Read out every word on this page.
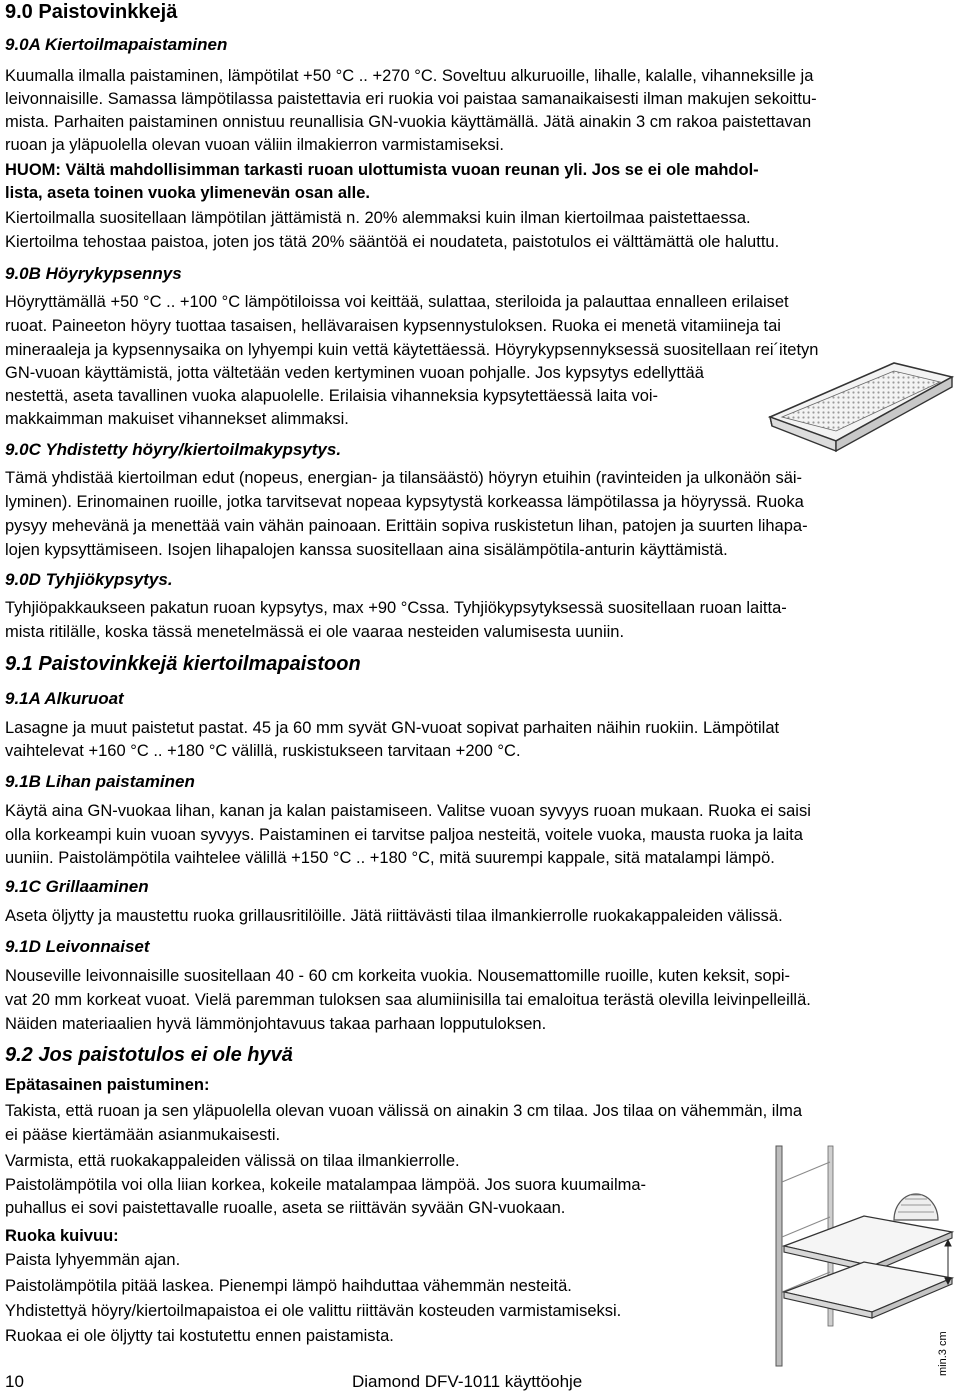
9.0 Paistovinkkejä
9.0A Kiertoilmapaistaminen
Kuumalla ilmalla paistaminen, lämpötilat +50 °C .. +270 °C. Soveltuu alkuruoille, lihalle, kalalle, vihanneksille ja
leivonnaisille. Samassa lämpötilassa paistettavia eri ruokia voi paistaa samanaikaisesti ilman makujen sekoittu-
mista. Parhaiten paistaminen onnistuu reunallisia GN-vuokia käyttämällä. Jätä ainakin 3 cm rakoa paistettavan
ruoan ja yläpuolella olevan vuoan väliin ilmakierron varmistamiseksi.
HUOM: Vältä mahdollisimman tarkasti ruoan ulottumista vuoan reunan yli. Jos se ei ole mahdol-
lista, aseta toinen vuoka ylimenevän osan alle.
Kiertoilmalla suositellaan lämpötilan jättämistä n. 20% alemmaksi kuin ilman kiertoilmaa paistettaessa.
Kiertoilma tehostaa paistoa, joten jos tätä 20% sääntöä ei noudateta, paistotulos ei välttämättä ole haluttu.
9.0B Höyrykypsennys
Höyryttämällä +50 °C .. +100 °C lämpötiloissa voi keittää, sulattaa, steriloida ja palauttaa ennalleen erilaiset
ruoat. Paineeton höyry tuottaa tasaisen, hellävaraisen kypsennystuloksen. Ruoka ei menetä vitamiineja tai
mineraaleja ja kypsennysaika on lyhyempi kuin vettä käytettäessä. Höyrykypsennyksessä suositellaan rei´itetyn
GN-vuoan käyttämistä, jotta vältetään veden kertyminen vuoan pohjalle. Jos kypsytys edellyttää
nestettä, aseta tavallinen vuoka alapuolelle. Erilaisia vihanneksia kypsytettäessä laita voi-
makkaimman makuiset vihannekset alimmaksi.
9.0C Yhdistetty höyry/kiertoilmakypsytys.
Tämä yhdistää kiertoilman edut (nopeus, energian- ja tilansäästö) höyryn etuihin (ravinteiden ja ulkonäön säi-
lyminen). Erinomainen ruoille, jotka tarvitsevat nopeaa kypsytystä korkeassa lämpötilassa ja höyryssä. Ruoka
pysyy mehevänä ja menettää vain vähän painoaan. Erittäin sopiva ruskistetun lihan, patojen ja suurten lihapa-
lojen kypsyttämiseen. Isojen lihapalojen kanssa suositellaan aina sisälämpötila-anturin käyttämistä.
9.0D Tyhjiökypsytys.
Tyhjiöpakkaukseen pakatun ruoan kypsytys, max +90 °Cssa. Tyhjiökypsytyksessä suositellaan ruoan laitta-
mista ritilälle, koska tässä menetelmässä ei ole vaaraa nesteiden valumisesta uuniin.
9.1 Paistovinkkejä kiertoilmapaistoon
9.1A Alkuruoat
Lasagne ja muut paistetut pastat. 45 ja 60 mm syvät GN-vuoat sopivat parhaiten näihin ruokiin. Lämpötilat
vaihtelevat +160 °C .. +180 °C välillä, ruskistukseen tarvitaan +200 °C.
9.1B Lihan paistaminen
Käytä aina GN-vuokaa lihan, kanan ja kalan paistamiseen. Valitse vuoan syvyys ruoan mukaan. Ruoka ei saisi
olla korkeampi kuin vuoan syvyys. Paistaminen ei tarvitse paljoa nesteitä, voitele vuoka, mausta ruoka ja laita
uuniin. Paistolämpötila vaihtelee välillä +150 °C .. +180 °C, mitä suurempi kappale, sitä matalampi lämpö.
9.1C Grillaaminen
Aseta öljytty ja maustettu ruoka grillausritilöille. Jätä riittävästi tilaa ilmankierrolle ruokakappaleiden välissä.
9.1D Leivonnaiset
Nouseville leivonnaisille suositellaan 40 - 60 cm korkeita vuokia. Nousemattomille ruoille, kuten keksit, sopi-
vat 20 mm korkeat vuoat. Vielä paremman tuloksen saa alumiinisilla tai emaloitua terästä olevilla leivinpelleillä.
Näiden materiaalien hyvä lämmönjohtavuus takaa parhaan lopputuloksen.
9.2 Jos paistotulos ei ole hyvä
Epätasainen paistuminen:
Takista, että ruoan ja sen yläpuolella olevan vuoan välissä on ainakin 3 cm tilaa. Jos tilaa on vähemmän, ilma
ei pääse kiertämään asianmukaisesti.
Varmista, että ruokakappaleiden välissä on tilaa ilmankierrolle.
Paistolämpötila voi olla liian korkea, kokeile matalampaa lämpöä. Jos suora kuumailma-
puhallus ei sovi paistettavalle ruoalle, aseta se riittävän syvään GN-vuokaan.
Ruoka kuivuu:
Paista lyhyemmän ajan.
Paistolämpötila pitää laskea. Pienempi lämpö haihduttaa vähemmän nesteitä.
Yhdistettyä höyry/kiertoilmapaistoa ei ole valittu riittävän kosteuden varmistamiseksi.
Ruokaa ei ole öljytty tai kostutettu ennen paistamista.	min.3 cm
10	Diamond DFV-1011 käyttöohje
